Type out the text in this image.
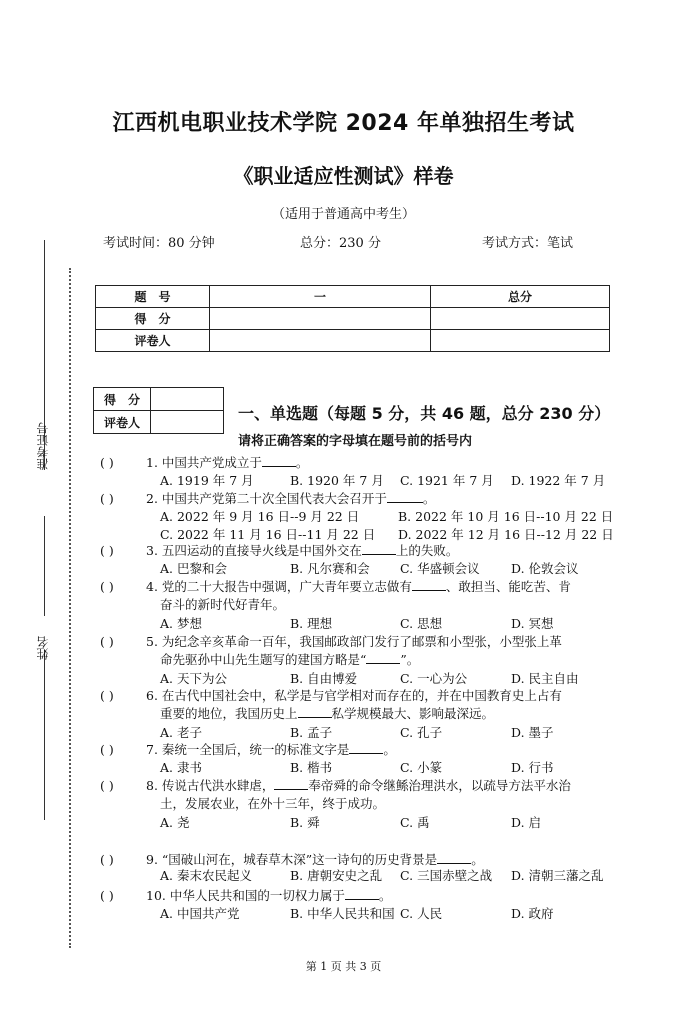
江西机电职业技术学院 2024 年单独招生考试
《职业适应性测试》样卷
（适用于普通高中考生）
考试时间：80 分钟	总分：230 分	考试方式：笔试
准考证号
姓名
题　号	一	总分
得　分		
评卷人		
得　分	
评卷人		一、单选题（每题 5 分，共 46 题，总分 230 分）
请将正确答案的字母填在题号前的括号内
( )	1. 中国共产党成立于	。
A. 1919 年 7 月	B. 1920 年 7 月 C. 1921 年 7 月 D. 1922 年 7 月
( )	2. 中国共产党第二十次全国代表大会召开于	。
A. 2022 年 9 月 16 日--9 月 22 日	B. 2022 年 10 月 16 日--10 月 22 日
C. 2022 年 11 月 16 日--11 月 22 日 D. 2022 年 12 月 16 日--12 月 22 日
( )	3. 五四运动的直接导火线是中国外交在	上的失败。
A. 巴黎和会	B. 凡尔赛和会 C. 华盛顿会议	D. 伦敦会议
( )	4. 党的二十大报告中强调，广大青年要立志做有	、敢担当、能吃苦、肯
奋斗的新时代好青年。
A. 梦想	B. 理想	C. 思想	D. 冥想
( )	5. 为纪念辛亥革命一百年，我国邮政部门发行了邮票和小型张，小型张上革
命先驱孙中山先生题写的建国方略是“	”。
A. 天下为公	B. 自由博爱	C. 一心为公	D. 民主自由
( )	6. 在古代中国社会中，私学是与官学相对而存在的，并在中国教育史上占有
重要的地位，我国历史上	私学规模最大、影响最深远。
A. 老子	B. 孟子	C. 孔子	D. 墨子
( )	7. 秦统一全国后，统一的标准文字是	。
A. 隶书	B. 楷书	C. 小篆	D. 行书
( )	8. 传说古代洪水肆虐，	奉帝舜的命令继鲧治理洪水，以疏导方法平水治
土，发展农业，在外十三年，终于成功。
A. 尧	B. 舜	C. 禹	D. 启
( )	9. “国破山河在，城春草木深”这一诗句的历史背景是	。
A. 秦末农民起义	B. 唐朝安史之乱 C. 三国赤壁之战 D. 清朝三藩之乱
( )	10. 中华人民共和国的一切权力属于	。
A. 中国共产党	B. 中华人民共和国 C. 人民	D. 政府
第 1 页 共 3 页
